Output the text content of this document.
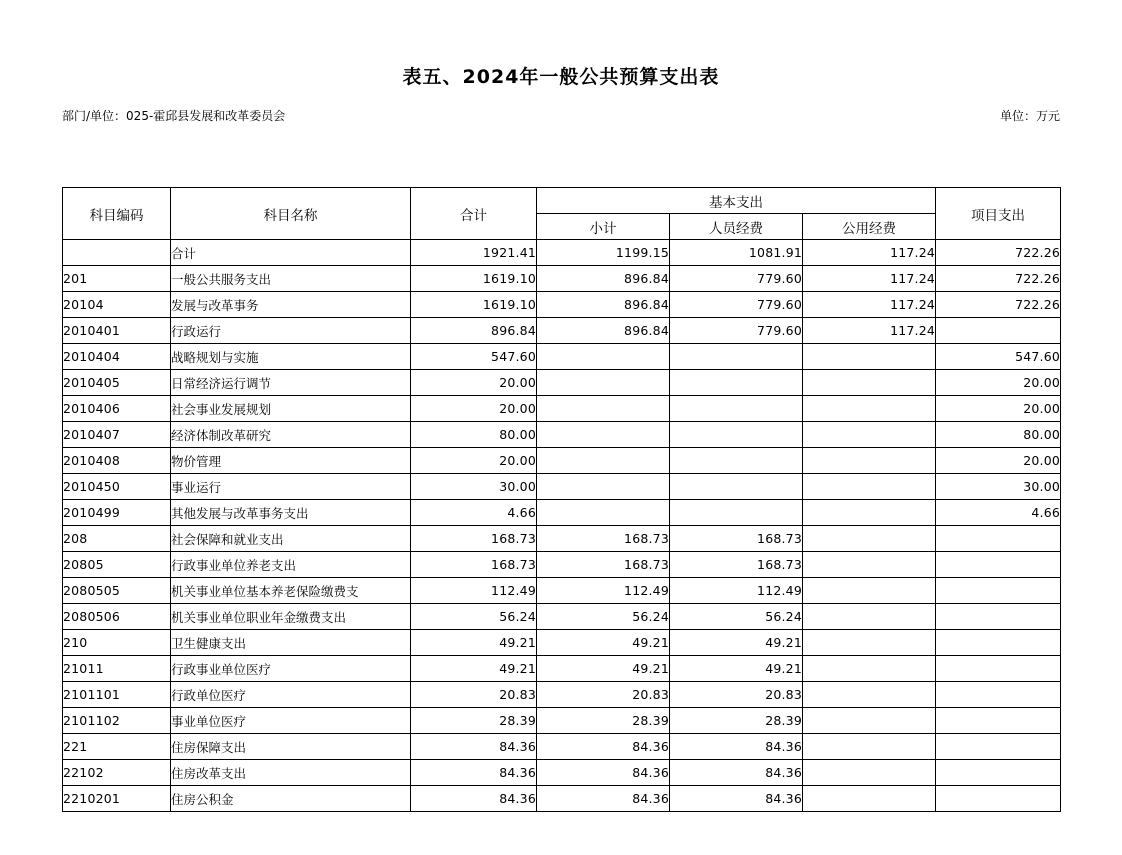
表五、2024年一般公共预算支出表
部门/单位：025-霍邱县发展和改革委员会	单位：万元
科目编码	科目名称	合计	基本支出			项目支出
			小计	人员经费	公用经费	
	合计	1921.41	1199.15	1081.91	117.24	722.26
201	一般公共服务支出	1619.10	896.84	779.60	117.24	722.26
20104	发展与改革事务	1619.10	896.84	779.60	117.24	722.26
2010401	行政运行	896.84	896.84	779.60	117.24	
2010404	战略规划与实施	547.60				547.60
2010405	日常经济运行调节	20.00				20.00
2010406	社会事业发展规划	20.00				20.00
2010407	经济体制改革研究	80.00				80.00
2010408	物价管理	20.00				20.00
2010450	事业运行	30.00				30.00
2010499	其他发展与改革事务支出	4.66				4.66
208	社会保障和就业支出	168.73	168.73	168.73		
20805	行政事业单位养老支出	168.73	168.73	168.73		
2080505	机关事业单位基本养老保险缴费支	112.49	112.49	112.49		
2080506	机关事业单位职业年金缴费支出	56.24	56.24	56.24		
210	卫生健康支出	49.21	49.21	49.21		
21011	行政事业单位医疗	49.21	49.21	49.21		
2101101	行政单位医疗	20.83	20.83	20.83		
2101102	事业单位医疗	28.39	28.39	28.39		
221	住房保障支出	84.36	84.36	84.36		
22102	住房改革支出	84.36	84.36	84.36		
2210201	住房公积金	84.36	84.36	84.36		
